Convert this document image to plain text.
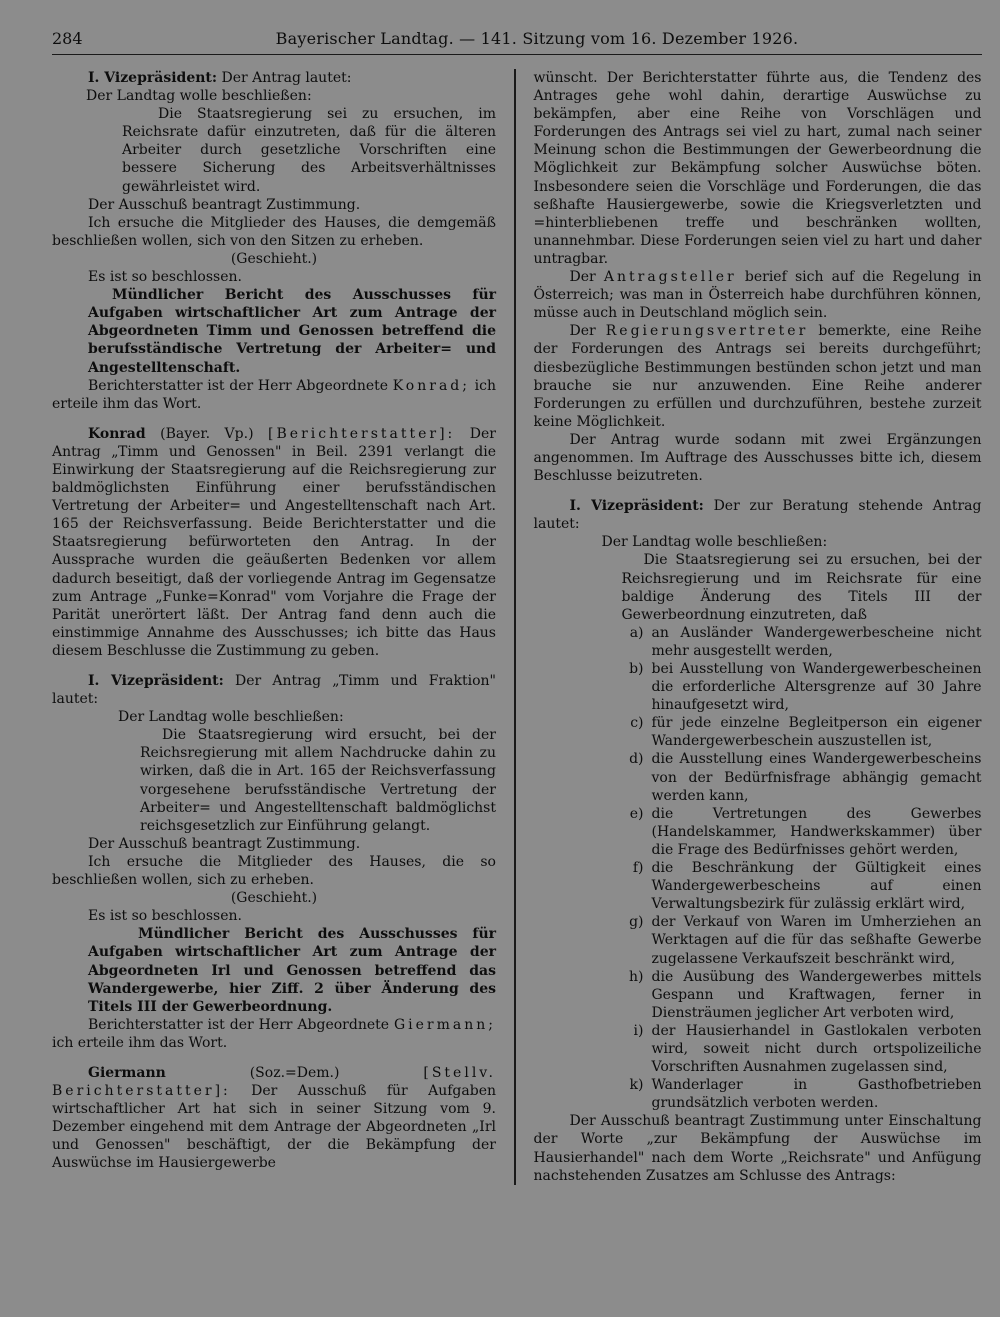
284	Bayerischer Landtag. — 141. Sitzung vom 16. Dezember 1926.

I. Vizepräsident: Der Antrag lautet:

Der Landtag wolle beschließen:

Die Staatsregierung sei zu ersuchen, im Reichsrate dafür einzutreten, daß für die älteren Arbeiter durch gesetzliche Vorschriften eine bessere Sicherung des Arbeitsverhältnisses gewährleistet wird.

Der Ausschuß beantragt Zustimmung.

Ich ersuche die Mitglieder des Hauses, die demgemäß beschließen wollen, sich von den Sitzen zu erheben.

(Geschieht.)

Es ist so beschlossen.

Mündlicher Bericht des Ausschusses für Aufgaben wirtschaftlicher Art zum Antrage der Abgeordneten Timm und Genossen betreffend die berufsständische Vertretung der Arbeiter= und Angestelltenschaft.

Berichterstatter ist der Herr Abgeordnete Konrad; ich erteile ihm das Wort.

Konrad (Bayer. Vp.) [Berichterstatter]: Der Antrag „Timm und Genossen" in Beil. 2391 verlangt die Einwirkung der Staatsregierung auf die Reichsregierung zur baldmöglichsten Einführung einer berufsständischen Vertretung der Arbeiter= und Angestelltenschaft nach Art. 165 der Reichsverfassung. Beide Berichterstatter und die Staatsregierung befürworteten den Antrag. In der Aussprache wurden die geäußerten Bedenken vor allem dadurch beseitigt, daß der vorliegende Antrag im Gegensatze zum Antrage „Funke=Konrad" vom Vorjahre die Frage der Parität unerörtert läßt. Der Antrag fand denn auch die einstimmige Annahme des Ausschusses; ich bitte das Haus diesem Beschlusse die Zustimmung zu geben.

I. Vizepräsident: Der Antrag „Timm und Fraktion" lautet:

Der Landtag wolle beschließen:

Die Staatsregierung wird ersucht, bei der Reichsregierung mit allem Nachdrucke dahin zu wirken, daß die in Art. 165 der Reichsverfassung vorgesehene berufsständische Vertretung der Arbeiter= und Angestelltenschaft baldmöglichst reichsgesetzlich zur Einführung gelangt.

Der Ausschuß beantragt Zustimmung.

Ich ersuche die Mitglieder des Hauses, die so beschließen wollen, sich zu erheben.

(Geschieht.)

Es ist so beschlossen.

Mündlicher Bericht des Ausschusses für Aufgaben wirtschaftlicher Art zum Antrage der Abgeordneten Irl und Genossen betreffend das Wandergewerbe, hier Ziff. 2 über Änderung des Titels III der Gewerbeordnung.

Berichterstatter ist der Herr Abgeordnete Giermann; ich erteile ihm das Wort.

Giermann	(Soz.=Dem.)	[Stellv. Berichterstatter]: Der Ausschuß für Aufgaben wirtschaftlicher Art hat sich in seiner Sitzung vom 9. Dezember eingehend mit dem Antrage der Abgeordneten „Irl und Genossen" beschäftigt, der die Bekämpfung der Auswüchse im Hausiergewerbe

wünscht. Der Berichterstatter führte aus, die Tendenz des Antrages gehe wohl dahin, derartige Auswüchse zu bekämpfen, aber eine Reihe von Vorschlägen und Forderungen des Antrags sei viel zu hart, zumal nach seiner Meinung schon die Bestimmungen der Gewerbeordnung die Möglichkeit zur Bekämpfung solcher Auswüchse böten. Insbesondere seien die Vorschläge und Forderungen, die das seßhafte Hausiergewerbe, sowie die Kriegsverletzten und =hinterbliebenen treffe und beschränken wollten, unannehmbar. Diese Forderungen seien viel zu hart und daher untragbar.

Der Antragsteller berief sich auf die Regelung in Österreich; was man in Österreich habe durchführen können, müsse auch in Deutschland möglich sein.

Der Regierungsvertreter bemerkte, eine Reihe der Forderungen des Antrags sei bereits durchgeführt; diesbezügliche Bestimmungen bestünden schon jetzt und man brauche sie nur anzuwenden. Eine Reihe anderer Forderungen zu erfüllen und durchzuführen, bestehe zurzeit keine Möglichkeit.

Der Antrag wurde sodann mit zwei Ergänzungen angenommen. Im Auftrage des Ausschusses bitte ich, diesem Beschlusse beizutreten.

I. Vizepräsident: Der zur Beratung stehende Antrag lautet:

Der Landtag wolle beschließen:

Die Staatsregierung sei zu ersuchen, bei der Reichsregierung und im Reichsrate für eine baldige Änderung des Titels III der Gewerbeordnung einzutreten, daß

a) an Ausländer Wandergewerbescheine nicht mehr ausgestellt werden,
b) bei Ausstellung von Wandergewerbescheinen die erforderliche Altersgrenze auf 30 Jahre hinaufgesetzt wird,
c) für jede einzelne Begleitperson ein eigener Wandergewerbeschein auszustellen ist,
d) die Ausstellung eines Wandergewerbescheins von der Bedürfnisfrage abhängig gemacht werden kann,
e) die Vertretungen des Gewerbes (Handelskammer, Handwerkskammer) über die Frage des Bedürfnisses gehört werden,
f) die Beschränkung der Gültigkeit eines Wandergewerbescheins auf einen Verwaltungsbezirk für zulässig erklärt wird,
g) der Verkauf von Waren im Umherziehen an Werktagen auf die für das seßhafte Gewerbe zugelassene Verkaufszeit beschränkt wird,
h) die Ausübung des Wandergewerbes mittels Gespann und Kraftwagen, ferner in Diensträumen jeglicher Art verboten wird,
i) der Hausierhandel in Gastlokalen verboten wird, soweit nicht durch ortspolizeiliche Vorschriften Ausnahmen zugelassen sind,
k) Wanderlager in Gasthofbetrieben grundsätzlich verboten werden.

Der Ausschuß beantragt Zustimmung unter Einschaltung der Worte „zur Bekämpfung der Auswüchse im Hausierhandel" nach dem Worte „Reichsrate" und Anfügung nachstehenden Zusatzes am Schlusse des Antrags:
